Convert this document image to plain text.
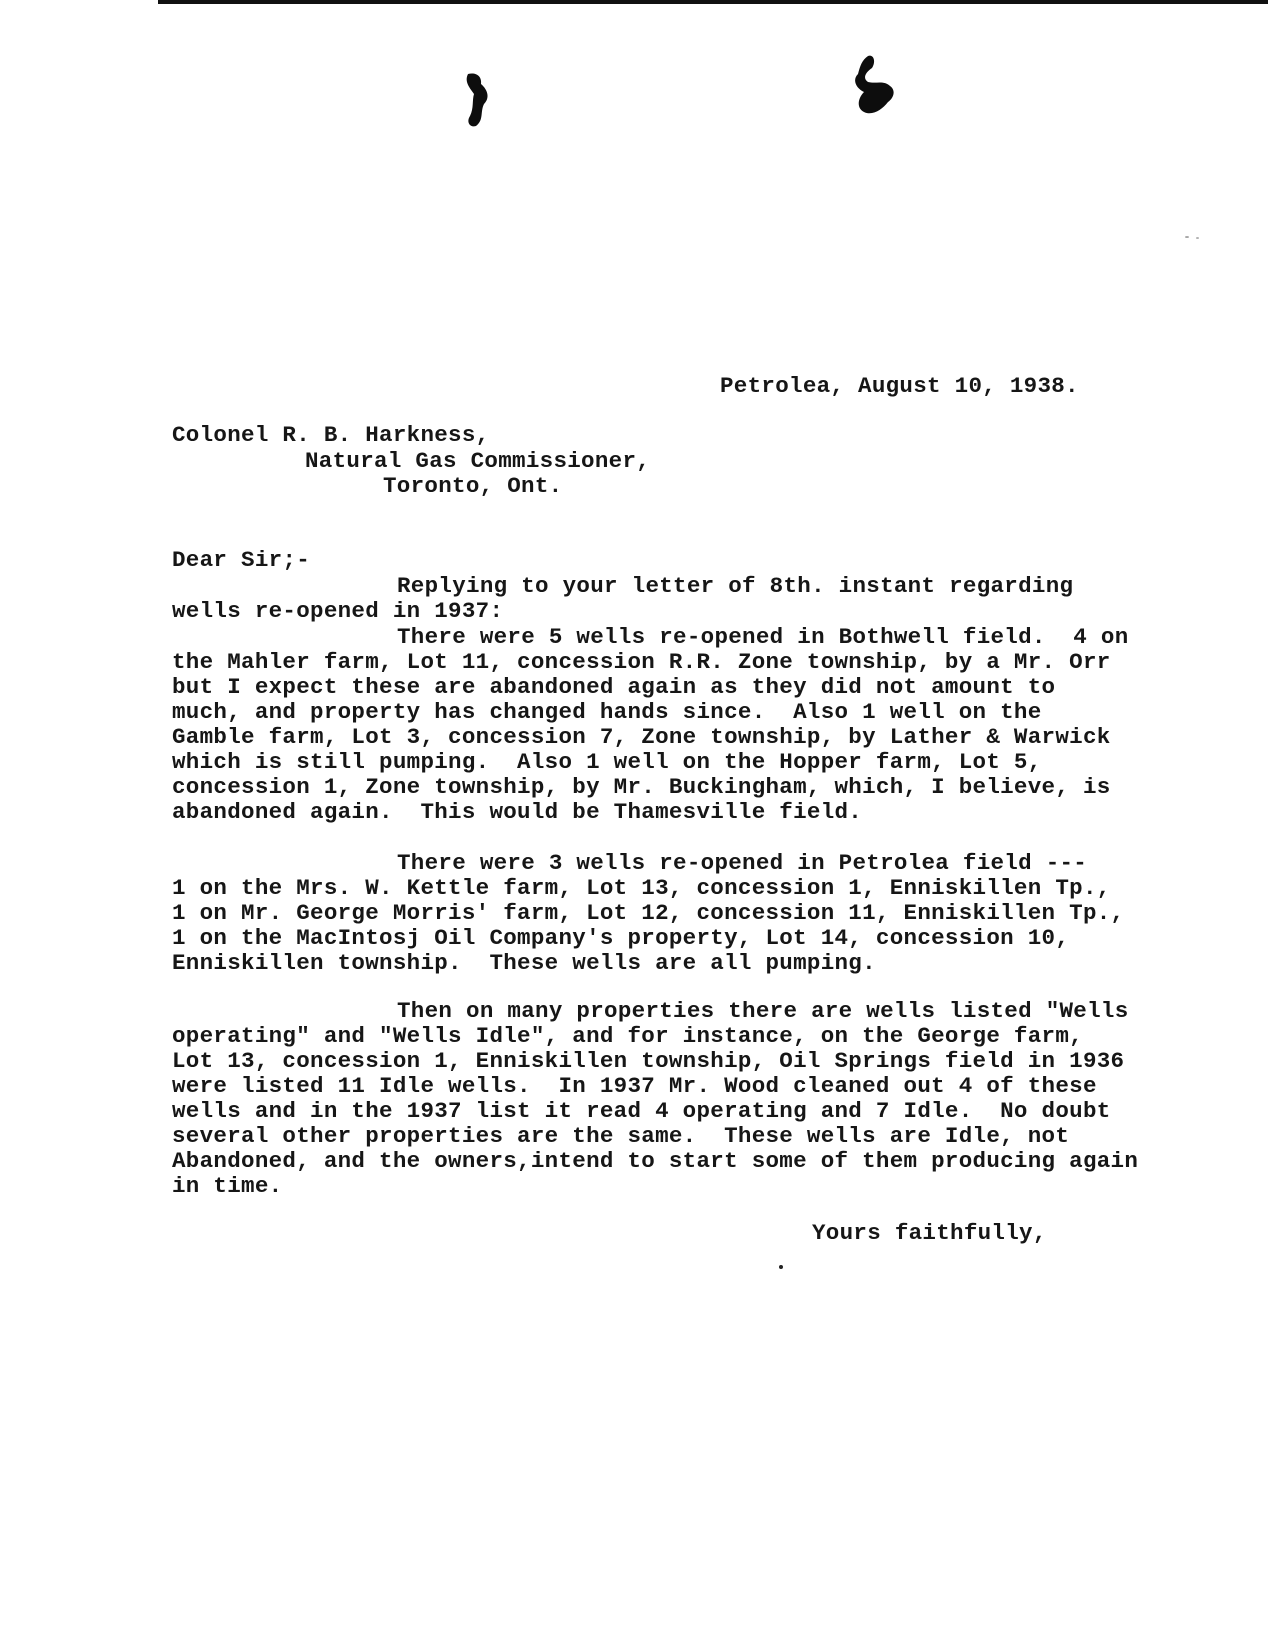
Petrolea, August 10, 1938.
Colonel R. B. Harkness,
Natural Gas Commissioner,
Toronto, Ont.
Dear Sir;-
Replying to your letter of 8th. instant regarding
wells re-opened in 1937:
There were 5 wells re-opened in Bothwell field.  4 on
the Mahler farm, Lot 11, concession R.R. Zone township, by a Mr. Orr
but I expect these are abandoned again as they did not amount to
much, and property has changed hands since.  Also 1 well on the
Gamble farm, Lot 3, concession 7, Zone township, by Lather & Warwick
which is still pumping.  Also 1 well on the Hopper farm, Lot 5,
concession 1, Zone township, by Mr. Buckingham, which, I believe, is
abandoned again.  This would be Thamesville field.
There were 3 wells re-opened in Petrolea field ---
1 on the Mrs. W. Kettle farm, Lot 13, concession 1, Enniskillen Tp.,
1 on Mr. George Morris' farm, Lot 12, concession 11, Enniskillen Tp.,
1 on the MacIntosj Oil Company's property, Lot 14, concession 10,
Enniskillen township.  These wells are all pumping.
Then on many properties there are wells listed "Wells
operating" and "Wells Idle", and for instance, on the George farm,
Lot 13, concession 1, Enniskillen township, Oil Springs field in 1936
were listed 11 Idle wells.  In 1937 Mr. Wood cleaned out 4 of these
wells and in the 1937 list it read 4 operating and 7 Idle.  No doubt
several other properties are the same.  These wells are Idle, not
Abandoned, and the owners,intend to start some of them producing again
in time.
Yours faithfully,
